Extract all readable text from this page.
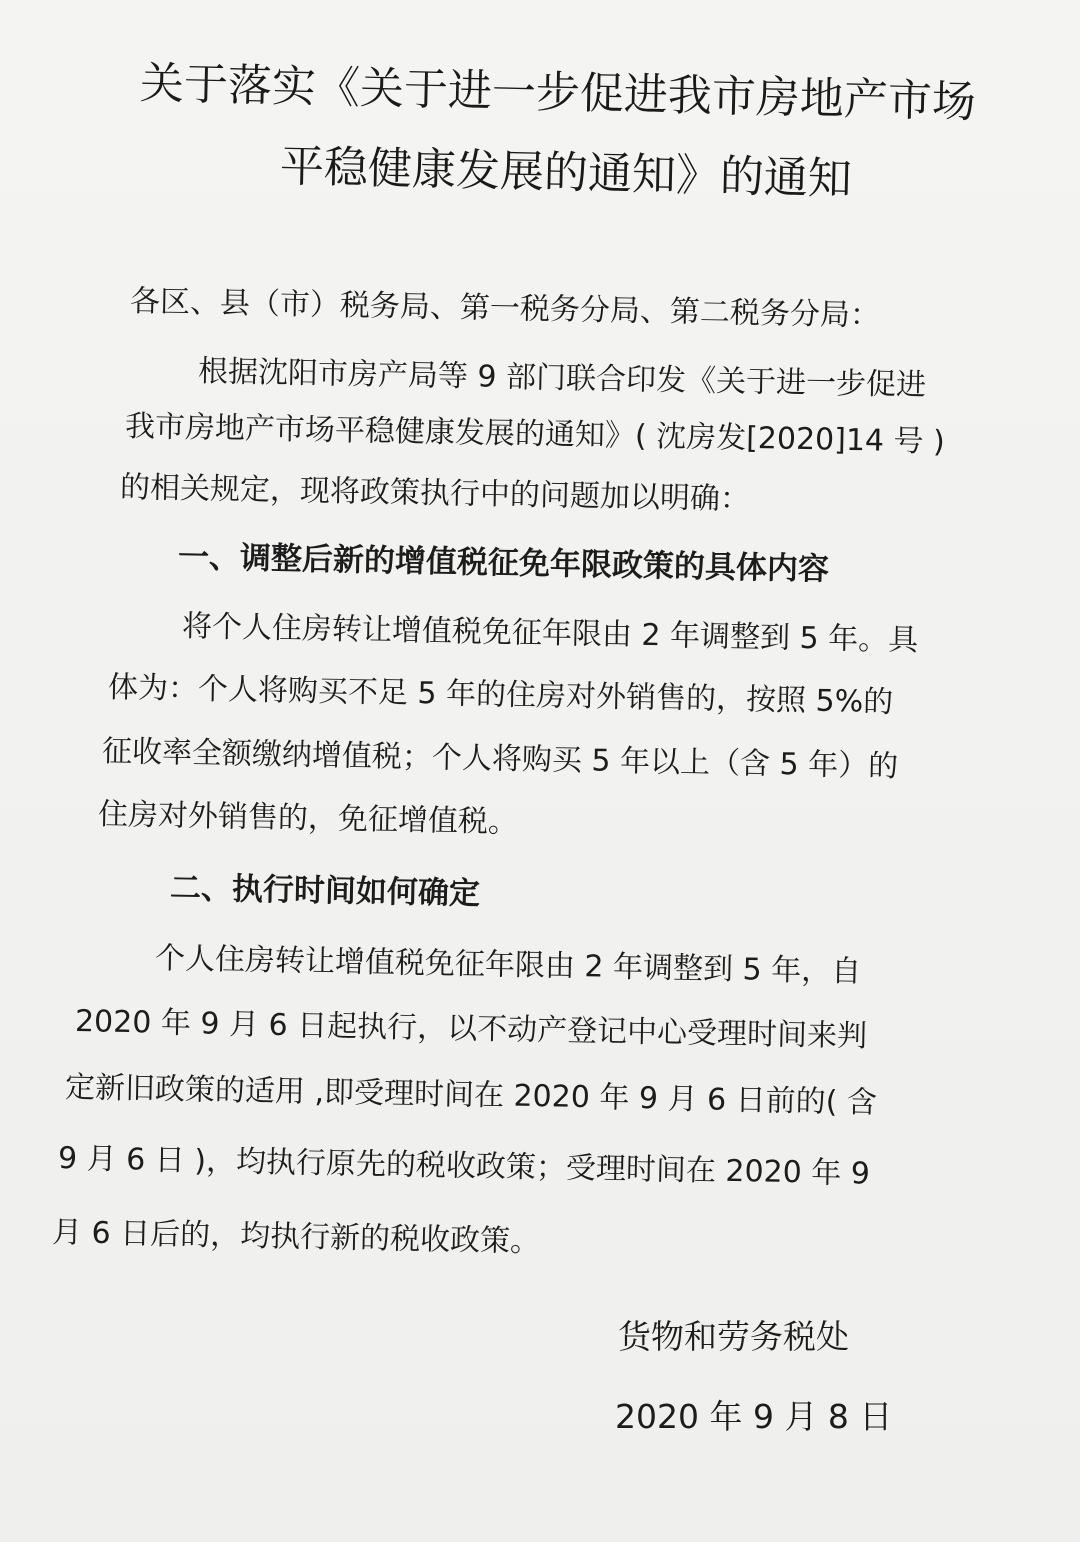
关于落实《关于进一步促进我市房地产市场
平稳健康发展的通知》的通知
各区、县（市）税务局、第一税务分局、第二税务分局：
根据沈阳市房产局等 9 部门联合印发《关于进一步促进
我市房地产市场平稳健康发展的通知》( 沈房发[2020]14 号 )
的相关规定，现将政策执行中的问题加以明确：
一、调整后新的增值税征免年限政策的具体内容
将个人住房转让增值税免征年限由 2 年调整到 5 年。具
体为：个人将购买不足 5 年的住房对外销售的，按照 5%的
征收率全额缴纳增值税；个人将购买 5 年以上（含 5 年）的
住房对外销售的，免征增值税。
二、执行时间如何确定
个人住房转让增值税免征年限由 2 年调整到 5 年，自
2020 年 9 月 6 日起执行，以不动产登记中心受理时间来判
定新旧政策的适用 ,即受理时间在 2020 年 9 月 6 日前的( 含
9 月 6 日 )，均执行原先的税收政策；受理时间在 2020 年 9
月 6 日后的，均执行新的税收政策。
货物和劳务税处
2020 年 9 月 8 日
